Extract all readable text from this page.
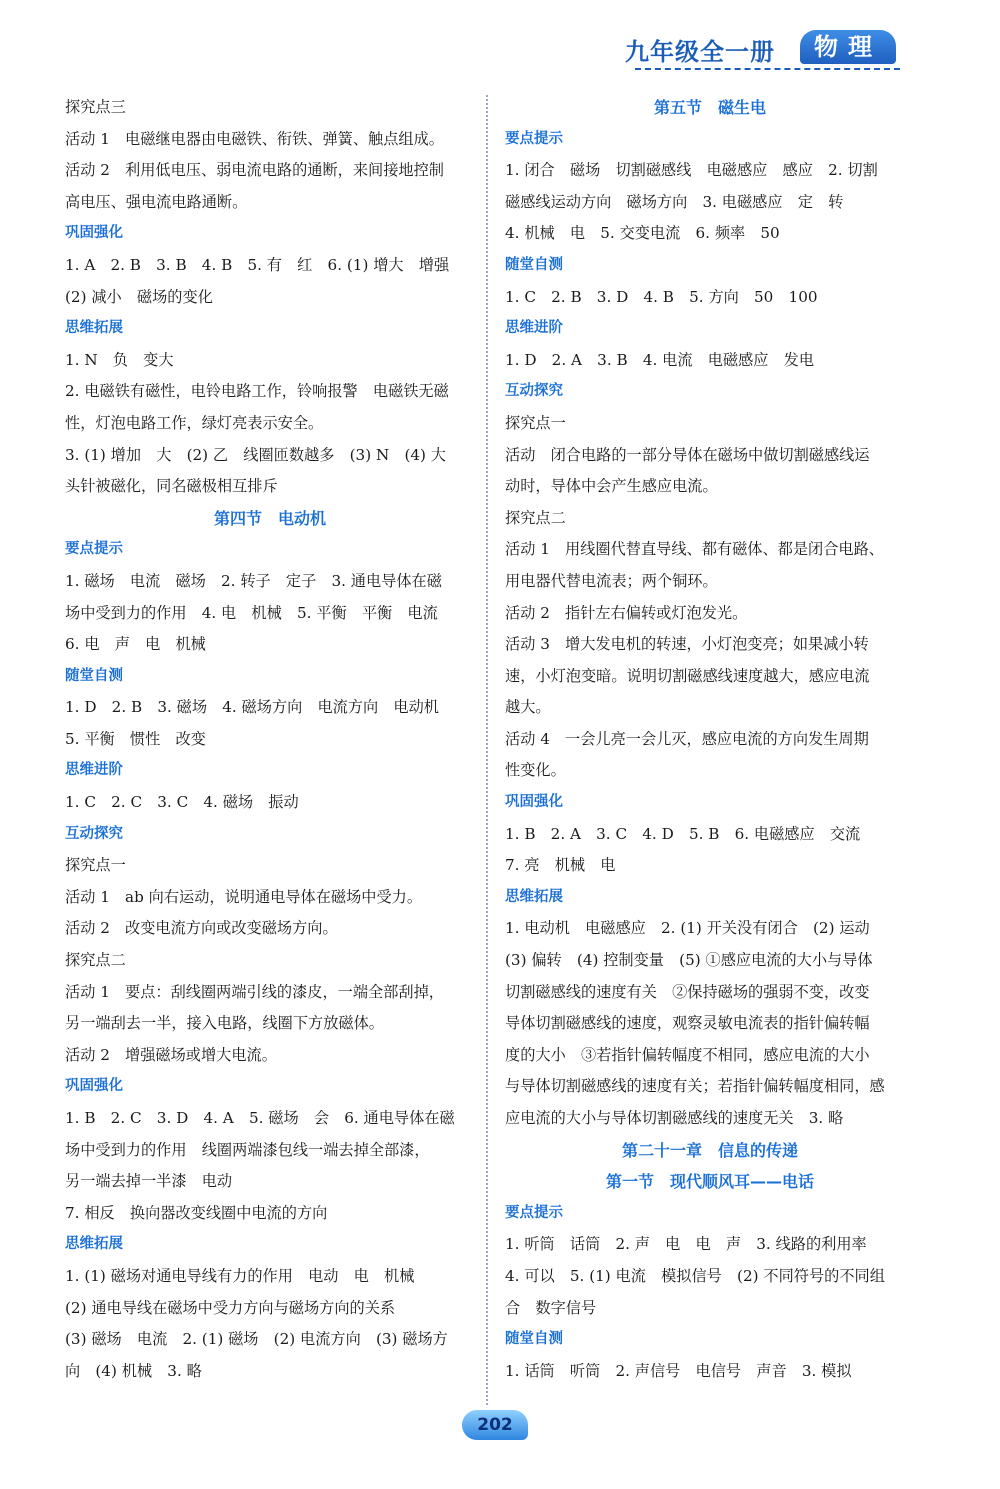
九年级全一册	物理
探究点三
活动 1　电磁继电器由电磁铁、衔铁、弹簧、触点组成。
活动 2　利用低电压、弱电流电路的通断，来间接地控制
高电压、强电流电路通断。
巩固强化
1. A　2. B　3. B　4. B　5. 有　红　6. (1) 增大　增强
(2) 减小　磁场的变化
思维拓展
1. N　负　变大
2. 电磁铁有磁性，电铃电路工作，铃响报警　电磁铁无磁
性，灯泡电路工作，绿灯亮表示安全。
3. (1) 增加　大　(2) 乙　线圈匝数越多　(3) N　(4) 大
头针被磁化，同名磁极相互排斥
第四节　电动机
要点提示
1. 磁场　电流　磁场　2. 转子　定子　3. 通电导体在磁
场中受到力的作用　4. 电　机械　5. 平衡　平衡　电流
6. 电　声　电　机械
随堂自测
1. D　2. B　3. 磁场　4. 磁场方向　电流方向　电动机
5. 平衡　惯性　改变
思维进阶
1. C　2. C　3. C　4. 磁场　振动
互动探究
探究点一
活动 1　ab 向右运动，说明通电导体在磁场中受力。
活动 2　改变电流方向或改变磁场方向。
探究点二
活动 1　要点：刮线圈两端引线的漆皮，一端全部刮掉，
另一端刮去一半，接入电路，线圈下方放磁体。
活动 2　增强磁场或增大电流。
巩固强化
1. B　2. C　3. D　4. A　5. 磁场　会　6. 通电导体在磁
场中受到力的作用　线圈两端漆包线一端去掉全部漆，
另一端去掉一半漆　电动
7. 相反　换向器改变线圈中电流的方向
思维拓展
1. (1) 磁场对通电导线有力的作用　电动　电　机械
(2) 通电导线在磁场中受力方向与磁场方向的关系
(3) 磁场　电流　2. (1) 磁场　(2) 电流方向　(3) 磁场方
向　(4) 机械　3. 略
第五节　磁生电
要点提示
1. 闭合　磁场　切割磁感线　电磁感应　感应　2. 切割
磁感线运动方向　磁场方向　3. 电磁感应　定　转
4. 机械　电　5. 交变电流　6. 频率　50
随堂自测
1. C　2. B　3. D　4. B　5. 方向　50　100
思维进阶
1. D　2. A　3. B　4. 电流　电磁感应　发电
互动探究
探究点一
活动　闭合电路的一部分导体在磁场中做切割磁感线运
动时，导体中会产生感应电流。
探究点二
活动 1　用线圈代替直导线、都有磁体、都是闭合电路、
用电器代替电流表；两个铜环。
活动 2　指针左右偏转或灯泡发光。
活动 3　增大发电机的转速，小灯泡变亮；如果减小转
速，小灯泡变暗。说明切割磁感线速度越大，感应电流
越大。
活动 4　一会儿亮一会儿灭，感应电流的方向发生周期
性变化。
巩固强化
1. B　2. A　3. C　4. D　5. B　6. 电磁感应　交流
7. 亮　机械　电
思维拓展
1. 电动机　电磁感应　2. (1) 开关没有闭合　(2) 运动
(3) 偏转　(4) 控制变量　(5) ①感应电流的大小与导体
切割磁感线的速度有关　②保持磁场的强弱不变，改变
导体切割磁感线的速度，观察灵敏电流表的指针偏转幅
度的大小　③若指针偏转幅度不相同，感应电流的大小
与导体切割磁感线的速度有关；若指针偏转幅度相同，感
应电流的大小与导体切割磁感线的速度无关　3. 略
第二十一章　信息的传递
第一节　现代顺风耳——电话
要点提示
1. 听筒　话筒　2. 声　电　电　声　3. 线路的利用率
4. 可以　5. (1) 电流　模拟信号　(2) 不同符号的不同组
合　数字信号
随堂自测
1. 话筒　听筒　2. 声信号　电信号　声音　3. 模拟
202
